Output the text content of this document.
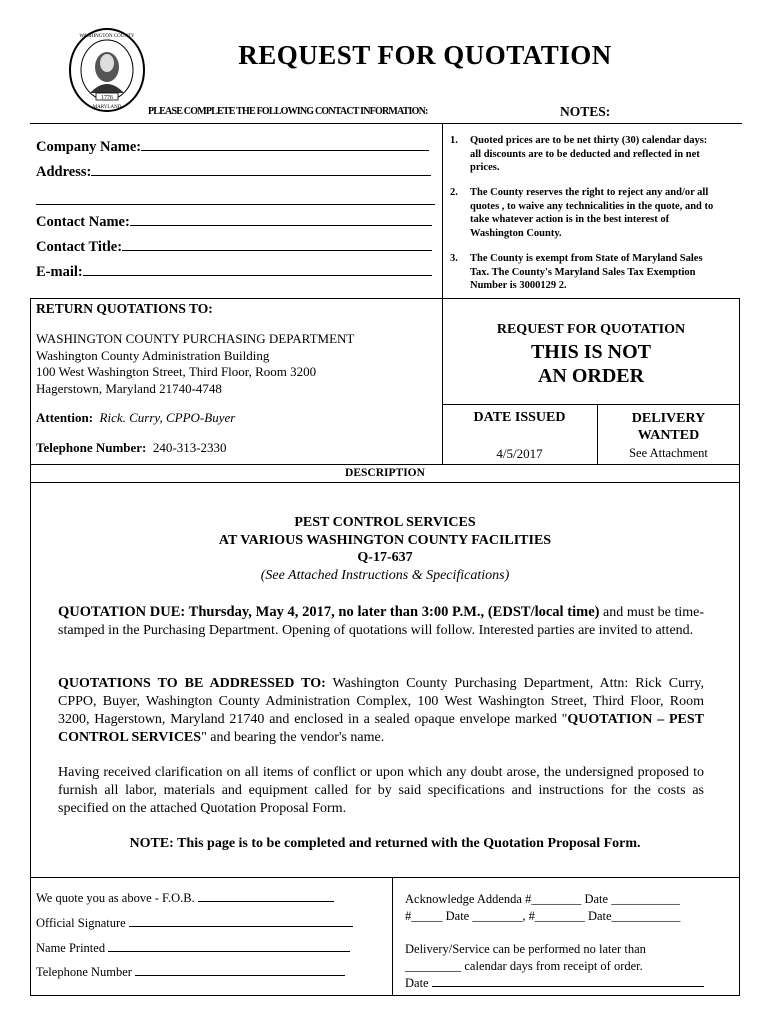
1776
WASHINGTON COUNTY
MARYLAND
REQUEST FOR QUOTATION
PLEASE COMPLETE THE FOLLOWING CONTACT INFORMATION:	NOTES:
Company Name:
Address:
Contact Name:
Contact Title:
E-mail:
1. Quoted prices are to be net thirty (30) calendar days:
all discounts are to be deducted and reflected in net
prices.
2. The County reserves the right to reject any and/or all
quotes , to waive any technicalities in the quote, and to
take whatever action is in the best interest of
Washington County.
3. The County is exempt from State of Maryland Sales
Tax. The County's Maryland Sales Tax Exemption
Number is 3000129 2.
RETURN QUOTATIONS TO:
WASHINGTON COUNTY PURCHASING DEPARTMENT
Washington County Administration Building
100 West Washington Street, Third Floor, Room 3200
Hagerstown, Maryland 21740-4748
Attention: Rick. Curry, CPPO-Buyer
Telephone Number: 240-313-2330
REQUEST FOR QUOTATION
THIS IS NOT
AN ORDER
DATE ISSUED
4/5/2017
DELIVERY
WANTED
See Attachment
DESCRIPTION
PEST CONTROL SERVICES
AT VARIOUS WASHINGTON COUNTY FACILITIES
Q-17-637
(See Attached Instructions & Specifications)
QUOTATION DUE: Thursday, May 4, 2017, no later than 3:00 P.M., (EDST/local time) and must be time-stamped in the Purchasing Department. Opening of quotations will follow. Interested parties are invited to attend.
QUOTATIONS TO BE ADDRESSED TO: Washington County Purchasing Department, Attn: Rick Curry, CPPO, Buyer, Washington County Administration Complex, 100 West Washington Street, Third Floor, Room 3200, Hagerstown, Maryland 21740 and enclosed in a sealed opaque envelope marked "QUOTATION – PEST CONTROL SERVICES" and bearing the vendor's name.
Having received clarification on all items of conflict or upon which any doubt arose, the undersigned proposed to furnish all labor, materials and equipment called for by said specifications and instructions for the costs as specified on the attached Quotation Proposal Form.
NOTE: This page is to be completed and returned with the Quotation Proposal Form.
We quote you as above - F.O.B.
Official Signature
Name Printed
Telephone Number
Acknowledge Addenda #________ Date ___________
#_____ Date ________, #________ Date___________
Delivery/Service can be performed no later than
_________ calendar days from receipt of order.
Date
